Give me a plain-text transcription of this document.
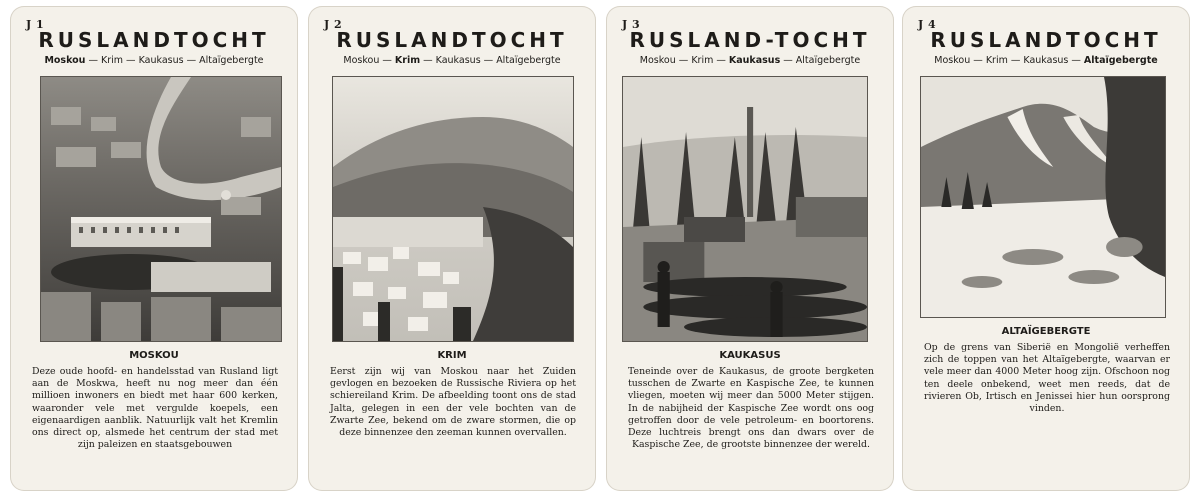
J 1
RUSLANDTOCHT
Moskou — Krim — Kaukasus — Altaïgebergte
MOSKOU
Deze oude hoofd- en handelsstad van Rusland ligt aan de Moskwa, heeft nu nog meer dan één millioen inwoners en biedt met haar 600 kerken, waaronder vele met vergulde koepels, een eigenaardigen aanblik. Natuurlijk valt het Kremlin ons direct op, alsmede het centrum der stad met zijn paleizen en staatsgebouwen
J 2
RUSLANDTOCHT
Moskou — Krim — Kaukasus — Altaïgebergte
KRIM
Eerst zijn wij van Moskou naar het Zuiden gevlogen en bezoeken de Russische Riviera op het schiereiland Krim. De afbeelding toont ons de stad Jalta, gelegen in een der vele bochten van de Zwarte Zee, bekend om de zware stormen, die op deze binnenzee den zeeman kunnen overvallen.
J 3
RUSLAND-TOCHT
Moskou — Krim — Kaukasus — Altaïgebergte
KAUKASUS
Teneinde over de Kaukasus, de groote bergketen tusschen de Zwarte en Kaspische Zee, te kunnen vliegen, moeten wij meer dan 5000 Meter stijgen. In de nabijheid der Kaspische Zee wordt ons oog getroffen door de vele petroleum- en boortorens. Deze luchtreis brengt ons dan dwars over de Kaspische Zee, de grootste binnenzee der wereld.
J 4
RUSLANDTOCHT
Moskou — Krim — Kaukasus — Altaïgebergte
ALTAÏGEBERGTE
Op de grens van Siberië en Mongolië verheffen zich de toppen van het Altaïgebergte, waarvan er vele meer dan 4000 Meter hoog zijn. Ofschoon nog ten deele onbekend, weet men reeds, dat de rivieren Ob, Irtisch en Jenissei hier hun oorsprong vinden.
